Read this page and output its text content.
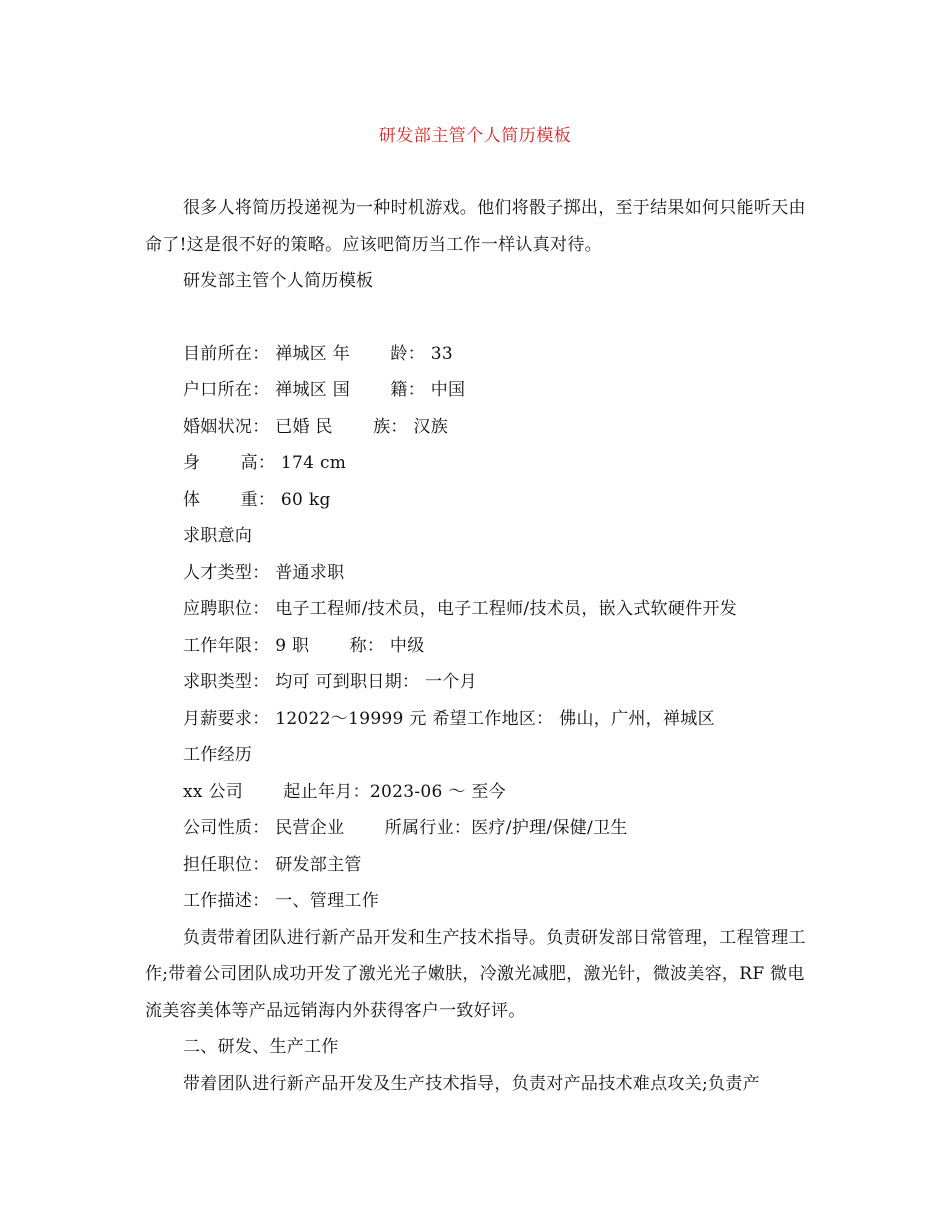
研发部主管个人简历模板

很多人将简历投递视为一种时机游戏。他们将骰子掷出，至于结果如何只能听天由命了!这是很不好的策略。应该吧简历当工作一样认真对待。

研发部主管个人简历模板

目前所在： 禅城区 年　　 龄： 33

户口所在： 禅城区 国　　 籍： 中国

婚姻状况： 已婚 民　　 族： 汉族

身　　 高： 174 cm

体　　 重： 60 kg

求职意向

人才类型： 普通求职

应聘职位： 电子工程师/技术员，电子工程师/技术员，嵌入式软硬件开发

工作年限： 9 职　　 称： 中级

求职类型： 均可 可到职日期： 一个月

月薪要求： 12022～19999 元 希望工作地区： 佛山，广州，禅城区

工作经历

xx 公司　　 起止年月：2023-06 ～ 至今

公司性质： 民营企业　　 所属行业：医疗/护理/保健/卫生

担任职位： 研发部主管

工作描述： 一、管理工作

负责带着团队进行新产品开发和生产技术指导。负责研发部日常管理，工程管理工作;带着公司团队成功开发了激光光子嫩肤，冷激光减肥，激光针，微波美容，RF 微电流美容美体等产品远销海内外获得客户一致好评。

二、研发、生产工作

带着团队进行新产品开发及生产技术指导，负责对产品技术难点攻关;负责产
